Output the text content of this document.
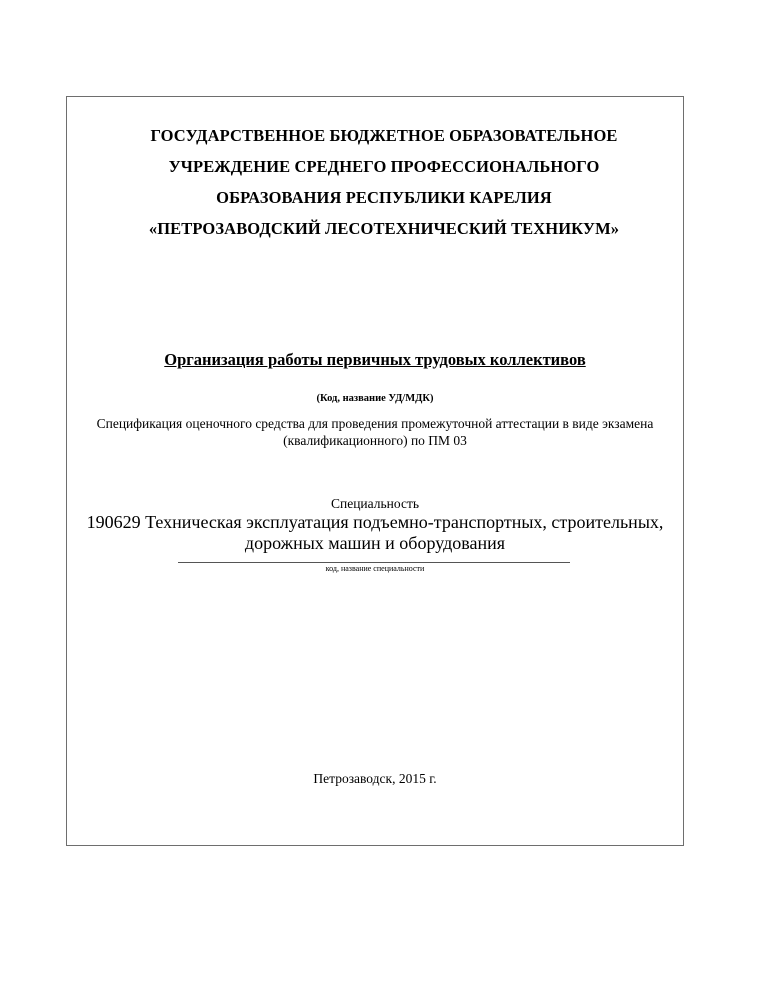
ГОСУДАРСТВЕННОЕ БЮДЖЕТНОЕ ОБРАЗОВАТЕЛЬНОЕ
УЧРЕЖДЕНИЕ СРЕДНЕГО ПРОФЕССИОНАЛЬНОГО
ОБРАЗОВАНИЯ РЕСПУБЛИКИ КАРЕЛИЯ
«ПЕТРОЗАВОДСКИЙ ЛЕСОТЕХНИЧЕСКИЙ ТЕХНИКУМ»
Организация работы первичных трудовых коллективов
(Код, название УД/МДК)
Спецификация оценочного средства для проведения промежуточной аттестации в виде экзамена
(квалификационного) по ПМ 03
Специальность
190629 Техническая эксплуатация подъемно-транспортных, строительных,
дорожных машин и оборудования
код, название специальности
Петрозаводск, 2015 г.
